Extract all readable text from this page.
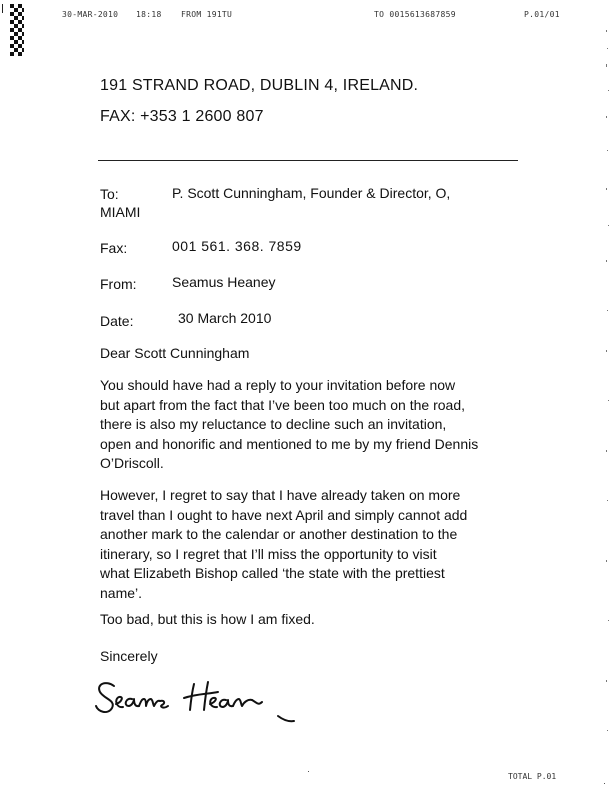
30-MAR-2010 18:18 FROM 191TU	TO 0015613687859	P.01/01
191 STRAND ROAD, DUBLIN 4, IRELAND.
FAX: +353 1 2600 807
To:	P. Scott Cunningham, Founder & Director, O,
MIAMI
Fax:	001 561. 368. 7859
From:	Seamus Heaney
Date:	30 March 2010
Dear Scott Cunningham
You should have had a reply to your invitation before now
but apart from the fact that I’ve been too much on the road,
there is also my reluctance to decline such an invitation,
open and honorific and mentioned to me by my friend Dennis
O’Driscoll.
However, I regret to say that I have already taken on more
travel than I ought to have next April and simply cannot add
another mark to the calendar or another destination to the
itinerary, so I regret that I’ll miss the opportunity to visit
what Elizabeth Bishop called ‘the state with the prettiest
name’.
Too bad, but this is how I am fixed.
Sincerely
TOTAL P.01
